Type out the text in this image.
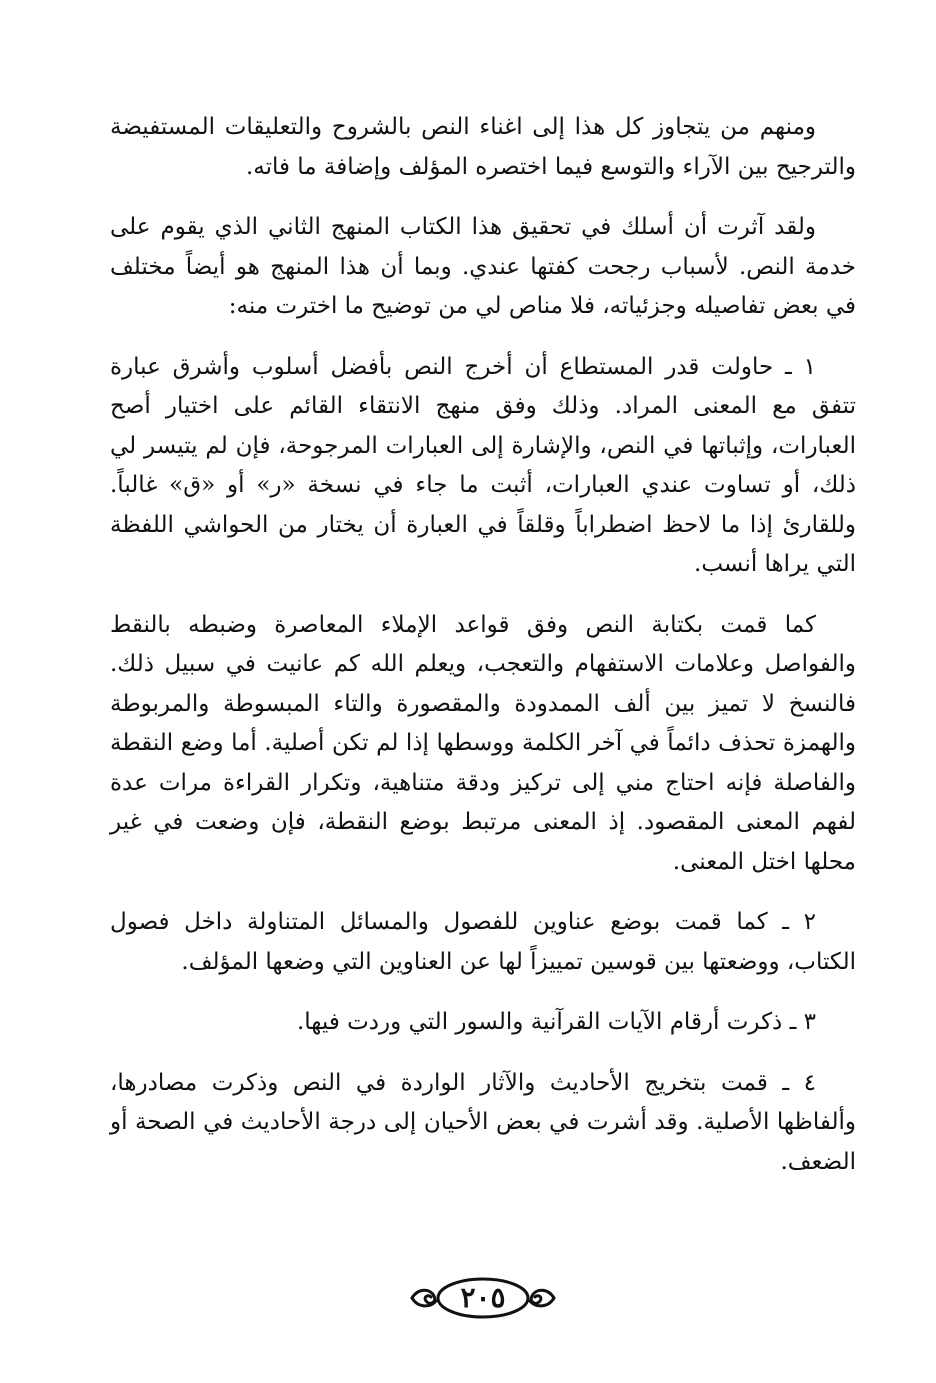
ومنهم من يتجاوز كل هذا إلى اغناء النص بالشروح والتعليقات المستفيضة والترجيح بين الآراء والتوسع فيما اختصره المؤلف وإضافة ما فاته.

ولقد آثرت أن أسلك في تحقيق هذا الكتاب المنهج الثاني الذي يقوم على خدمة النص. لأسباب رجحت كفتها عندي. وبما أن هذا المنهج هو أيضاً مختلف في بعض تفاصيله وجزئياته، فلا مناص لي من توضيح ما اخترت منه:

١ ـ حاولت قدر المستطاع أن أخرج النص بأفضل أسلوب وأشرق عبارة تتفق مع المعنى المراد. وذلك وفق منهج الانتقاء القائم على اختيار أصح العبارات، وإثباتها في النص، والإشارة إلى العبارات المرجوحة، فإن لم يتيسر لي ذلك، أو تساوت عندي العبارات، أثبت ما جاء في نسخة «ر» أو «ق» غالباً. وللقارئ إذا ما لاحظ اضطراباً وقلقاً في العبارة أن يختار من الحواشي اللفظة التي يراها أنسب.

كما قمت بكتابة النص وفق قواعد الإملاء المعاصرة وضبطه بالنقط والفواصل وعلامات الاستفهام والتعجب، ويعلم الله كم عانيت في سبيل ذلك. فالنسخ لا تميز بين ألف الممدودة والمقصورة والتاء المبسوطة والمربوطة والهمزة تحذف دائماً في آخر الكلمة ووسطها إذا لم تكن أصلية. أما وضع النقطة والفاصلة فإنه احتاج مني إلى تركيز ودقة متناهية، وتكرار القراءة مرات عدة لفهم المعنى المقصود. إذ المعنى مرتبط بوضع النقطة، فإن وضعت في غير محلها اختل المعنى.

٢ ـ كما قمت بوضع عناوين للفصول والمسائل المتناولة داخل فصول الكتاب، ووضعتها بين قوسين تمييزاً لها عن العناوين التي وضعها المؤلف.

٣ ـ ذكرت أرقام الآيات القرآنية والسور التي وردت فيها.

٤ ـ قمت بتخريج الأحاديث والآثار الواردة في النص وذكرت مصادرها، وألفاظها الأصلية. وقد أشرت في بعض الأحيان إلى درجة الأحاديث في الصحة أو الضعف.

٢٠٥
